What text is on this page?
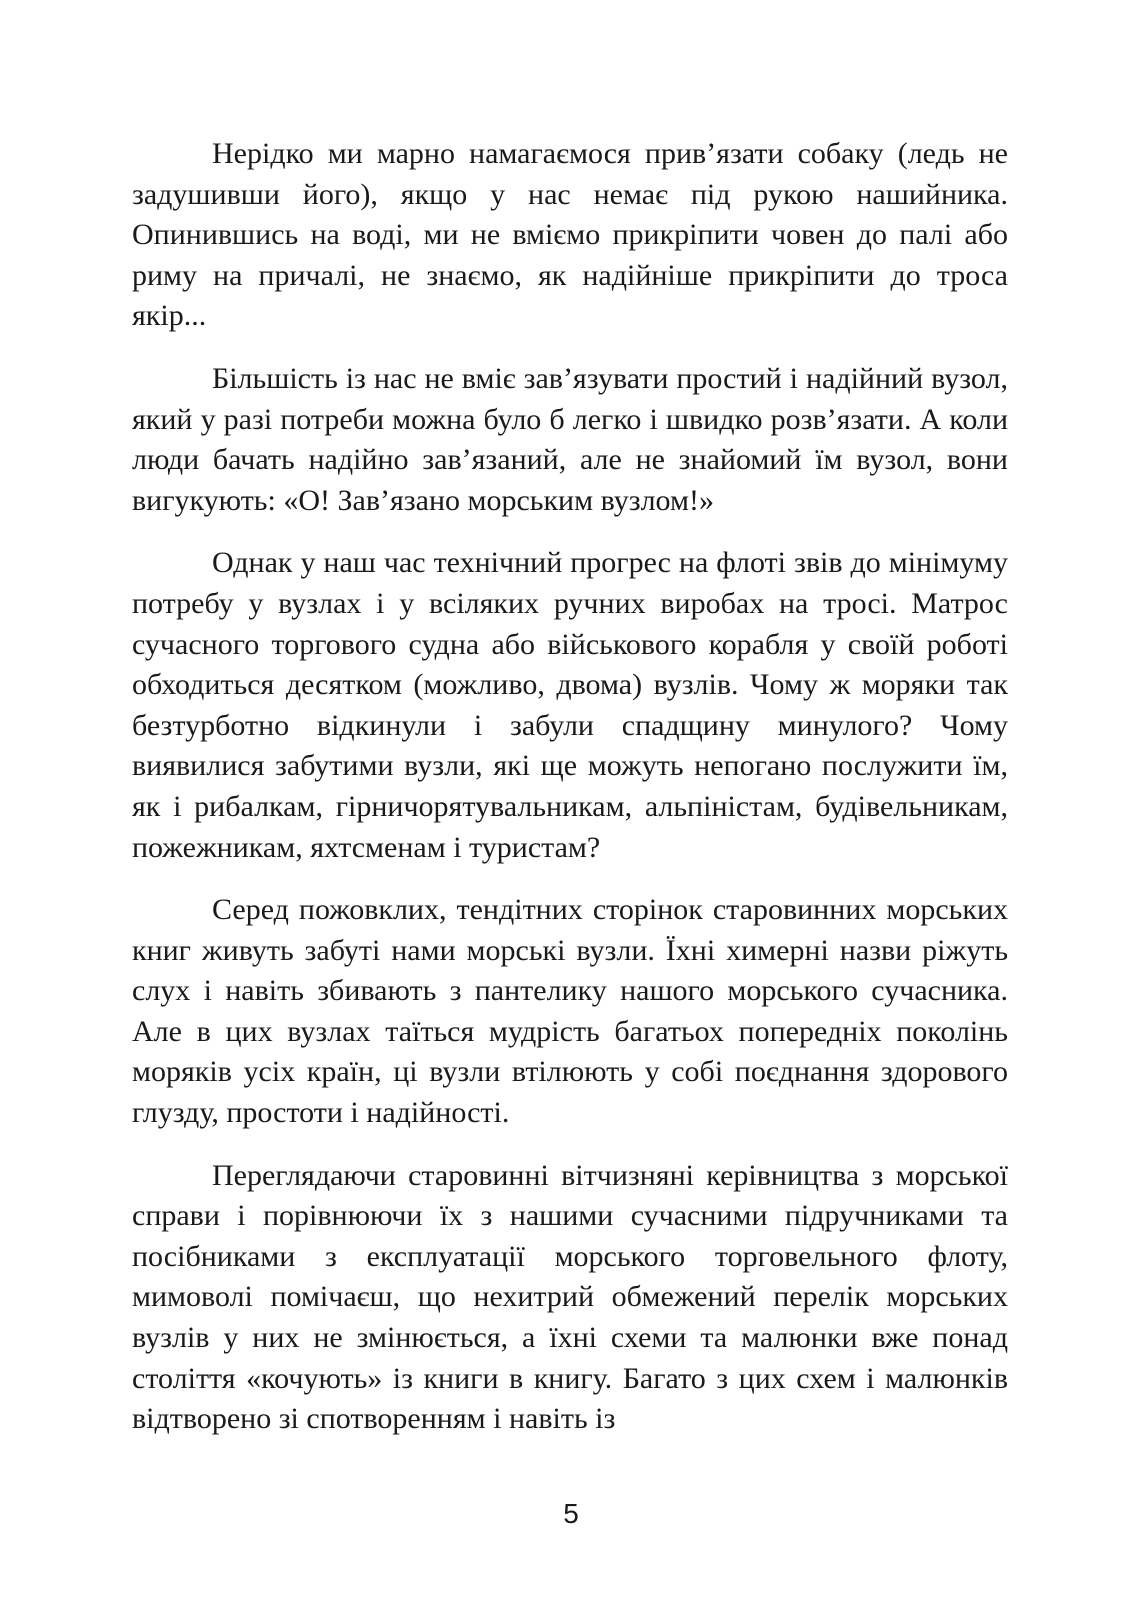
Нерідко ми марно намагаємося прив’язати собаку (ледь не задушивши його), якщо у нас немає під рукою нашийника. Опинившись на воді, ми не вміємо прикріпити човен до палі або риму на причалі, не знаємо, як надійніше прикріпити до троса якір...

Більшість із нас не вміє зав’язувати простий і надійний вузол, який у разі потреби можна було б легко і швидко розв’язати. А коли люди бачать надійно зав’язаний, але не знайомий їм вузол, вони вигукують: «О! Зав’язано морським вузлом!»

Однак у наш час технічний прогрес на флоті звів до мінімуму потребу у вузлах і у всіляких ручних виробах на тросі. Матрос сучасного торгового судна або військового корабля у своїй роботі обходиться десятком (можливо, двома) вузлів. Чому ж моряки так безтурботно відкинули і забули спадщину минулого? Чому виявилися забутими вузли, які ще можуть непогано послужити їм, як і рибалкам, гірничорятувальникам, альпіністам, будівельникам, пожежникам, яхтсменам і туристам?

Серед пожовклих, тендітних сторінок старовинних морських книг живуть забуті нами морські вузли. Їхні химерні назви ріжуть слух і навіть збивають з пантелику нашого морського сучасника. Але в цих вузлах таїться мудрість багатьох попередніх поколінь моряків усіх країн, ці вузли втілюють у собі поєднання здорового глузду, простоти і надійності.

Переглядаючи старовинні вітчизняні керівництва з морської справи і порівнюючи їх з нашими сучасними підручниками та посібниками з експлуатації морського торговельного флоту, мимоволі помічаєш, що нехитрий обмежений перелік морських вузлів у них не змінюється, а їхні схеми та малюнки вже понад століття «кочують» із книги в книгу. Багато з цих схем і малюнків відтворено зі спотворенням і навіть із

5
